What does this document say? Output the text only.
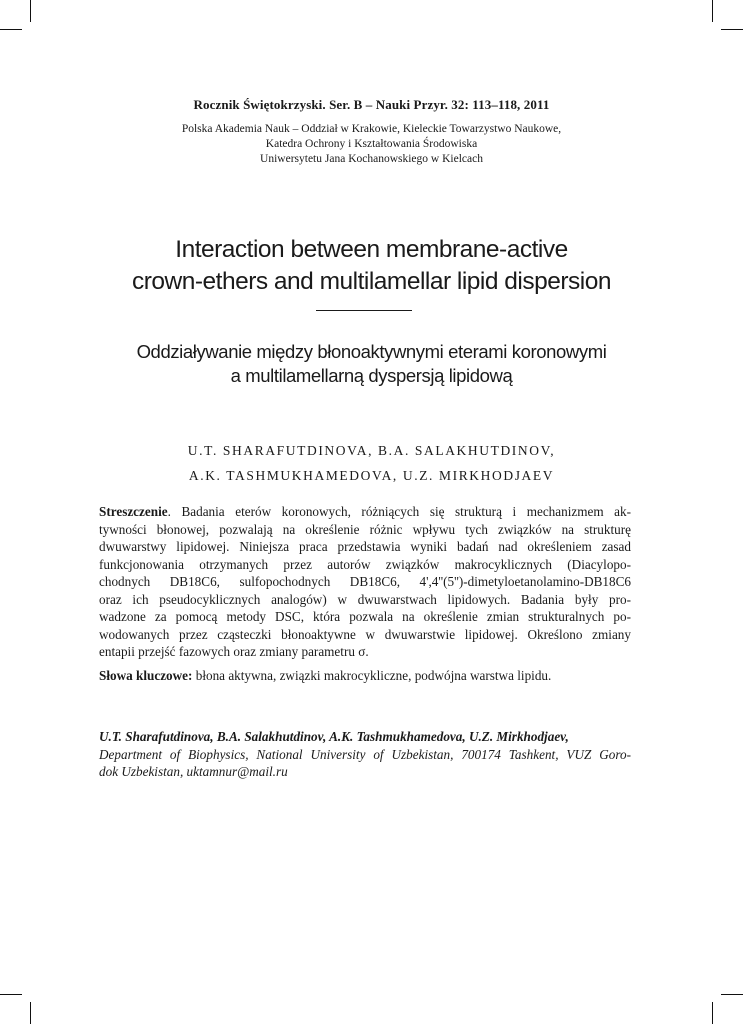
Rocznik Świętokrzyski. Ser. B – Nauki Przyr. 32: 113–118, 2011
Polska Akademia Nauk – Oddział w Krakowie, Kieleckie Towarzystwo Naukowe,
Katedra Ochrony i Kształtowania Środowiska
Uniwersytetu Jana Kochanowskiego w Kielcach
Interaction between membrane-active
crown-ethers and multilamellar lipid dispersion
Oddziaływanie między błonoaktywnymi eterami koronowymi
a multilamellarną dyspersją lipidową
U.T. SHARAFUTDINOVA, B.A. SALAKHUTDINOV,
A.K. TASHMUKHAMEDOVA, U.Z. MIRKHODJAEV

Streszczenie. Badania eterów koronowych, różniących się strukturą i mechanizmem ak-
tywności błonowej, pozwalają na określenie różnic wpływu tych związków na strukturę
dwuwarstwy lipidowej. Niniejsza praca przedstawia wyniki badań nad określeniem zasad
funkcjonowania otrzymanych przez autorów związków makrocyklicznych (Diacylopo-
chodnych DB18C6, sulfopochodnych DB18C6, 4',4''(5'')-dimetyloetanolamino-DB18C6
oraz ich pseudocyklicznych analogów) w dwuwarstwach lipidowych. Badania były pro-
wadzone za pomocą metody DSC, która pozwala na określenie zmian strukturalnych po-
wodowanych przez cząsteczki błonoaktywne w dwuwarstwie lipidowej. Określono zmiany
entapii przejść fazowych oraz zmiany parametru σ.

Słowa kluczowe: błona aktywna, związki makrocykliczne, podwójna warstwa lipidu.

U.T. Sharafutdinova, B.A. Salakhutdinov, A.K. Tashmukhamedova, U.Z. Mirkhodjaev,
Department of Biophysics, National University of Uzbekistan, 700174 Tashkent, VUZ Goro-
dok Uzbekistan, uktamnur@mail.ru
